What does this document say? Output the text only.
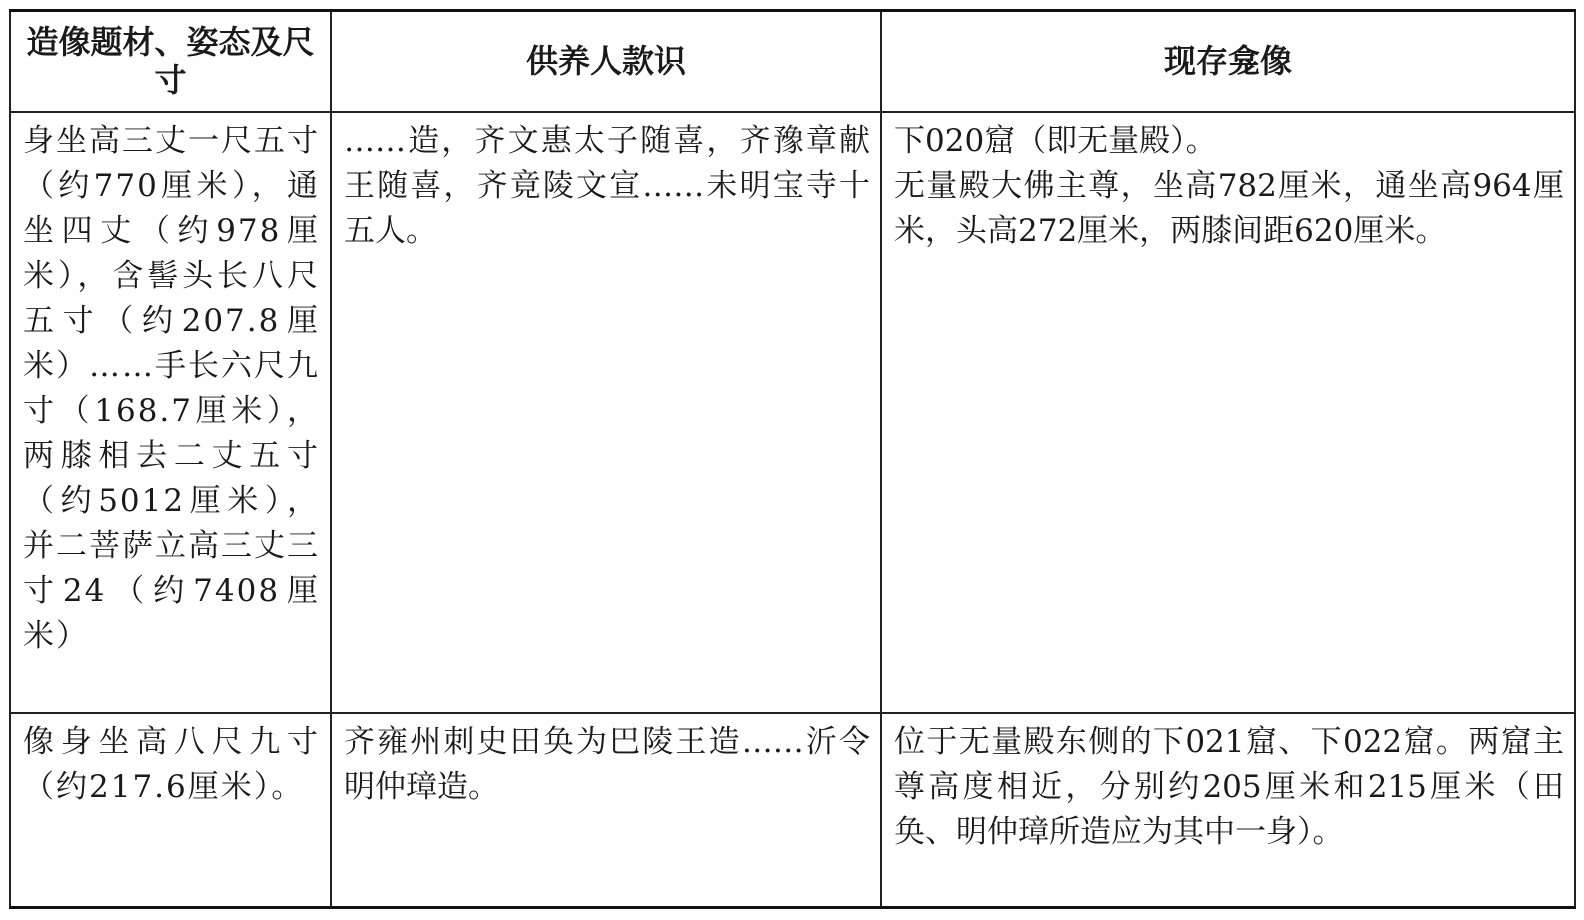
造像题材、姿态及尺寸	供养人款识	现存龛像

身坐高三丈一尺五寸（约770厘米），通坐四丈（约978厘米），含髻头长八尺五寸（约207.8厘米）……手长六尺九寸（168.7厘米），两膝相去二丈五寸（约5012厘米），并二菩萨立高三丈三寸24（约7408厘米）	……造，齐文惠太子随喜，齐豫章献王随喜，齐竟陵文宣……未明宝寺十五人。	下020窟（即无量殿）。
无量殿大佛主尊，坐高782厘米，通坐高964厘米，头高272厘米，两膝间距620厘米。

像身坐高八尺九寸（约217.6厘米）。	齐雍州刺史田奂为巴陵王造……沂令明仲璋造。	位于无量殿东侧的下021窟、下022窟。两窟主尊高度相近，分别约205厘米和215厘米（田奂、明仲璋所造应为其中一身）。
